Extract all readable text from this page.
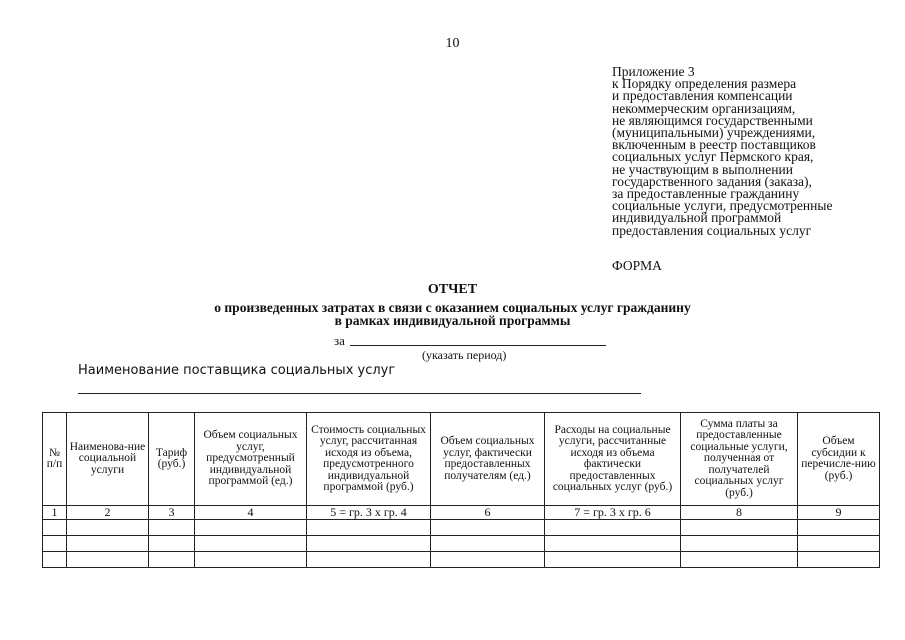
10
Приложение 3
к Порядку определения размера
и предоставления компенсации
некоммерческим организациям,
не являющимся государственными
(муниципальными) учреждениями,
включенным в реестр поставщиков
социальных услуг Пермского края,
не участвующим в выполнении
государственного задания (заказа),
за предоставленные гражданину
социальные услуги, предусмотренные
индивидуальной программой
предоставления социальных услуг
ФОРМА
ОТЧЕТ
о произведенных затратах в связи с оказанием социальных услуг гражданину
в рамках индивидуальной программы
за
(указать период)
Наименование поставщика социальных услуг
№ п/п	Наименова-ние социальной услуги	Тариф (руб.)	Объем социальных услуг, предусмотренный индивидуальной программой (ед.)	Стоимость социальных услуг, рассчитанная исходя из объема, предусмотренного индивидуальной программой (руб.)	Объем социальных услуг, фактически предоставленных получателям (ед.)	Расходы на социальные услуги, рассчитанные исходя из объема фактически предоставленных социальных услуг (руб.)	Сумма платы за предоставленные социальные услуги, полученная от получателей социальных услуг (руб.)	Объем субсидии к перечисле-нию (руб.)
1	2	3	4	5 = гр. 3 х гр. 4	6	7 = гр. 3 х гр. 6	8	9
